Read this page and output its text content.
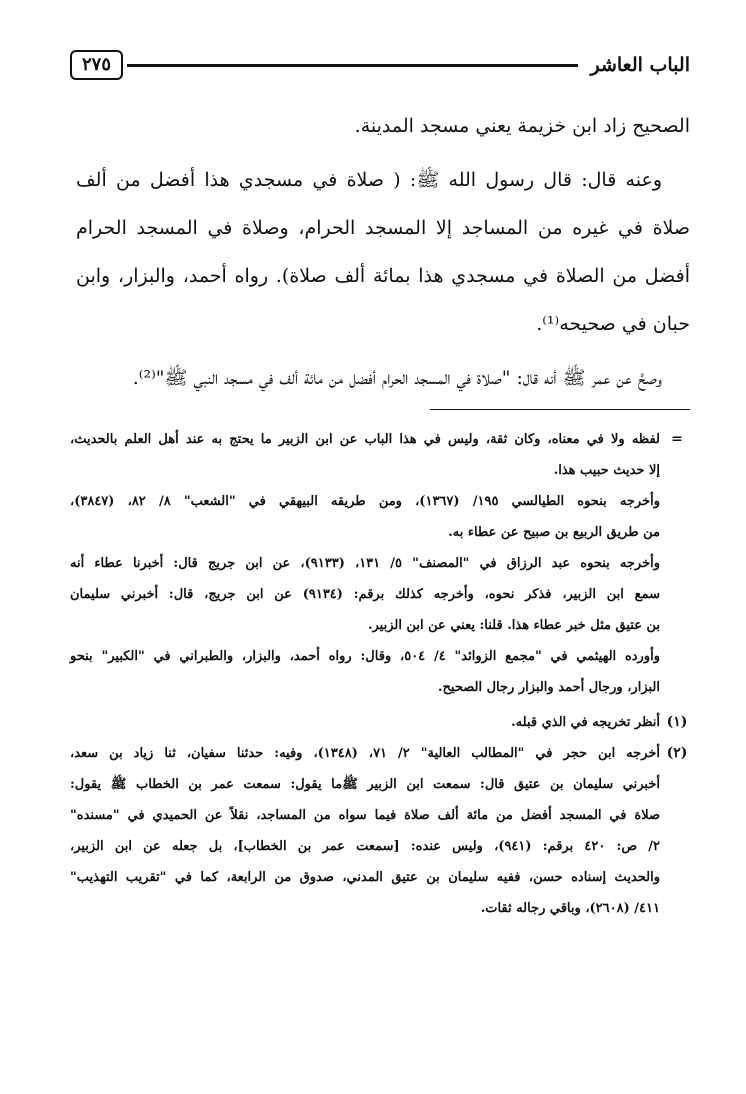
الباب العاشر
٢٧٥

الصحيح زاد ابن خزيمة يعني مسجد المدينة.

وعنه قال: قال رسول الله ﷺ: ( صلاة في مسجدي هذا أفضل من ألف صلاة في غيره من المساجد إلا المسجد الحرام، وصلاة في المسجد الحرام أفضل من الصلاة في مسجدي هذا بمائة ألف صلاة). رواه أحمد، والبزار، وابن حبان في صحيحه⁽¹⁾.

وصحَّ عن عمر ﷺ أنه قال: "صلاة في المسجد الحرام أفضل من مائة ألف في مسجد النبي ﷺ"⁽²⁾.

=
لفظه ولا في معناه، وكان ثقة، وليس في هذا الباب عن ابن الزبير ما يحتج به عند أهل العلم بالحديث،
إلا حديث حبيب هذا.
وأخرجه بنحوه الطيالسي ١٩٥/ (١٣٦٧)، ومن طريقه البيهقي في "الشعب" ٨/ ٨٢، (٣٨٤٧)،
من طريق الربيع بن صبيح عن عطاء به.
وأخرجه بنحوه عبد الرزاق في "المصنف" ٥/ ١٣١، (٩١٣٣)، عن ابن جريج قال: أخبرنا عطاء أنه
سمع ابن الزبير، فذكر نحوه، وأخرجه كذلك برقم: (٩١٣٤) عن ابن جريج، قال: أخبرني سليمان
بن عتيق مثل خبر عطاء هذا. قلنا: يعني عن ابن الزبير.
وأورده الهيثمي في "مجمع الزوائد" ٤/ ٥٠٤، وقال: رواه أحمد، والبزار، والطبراني في "الكبير" بنحو
البزار، ورجال أحمد والبزار رجال الصحيح.
(١)
أنظر تخريجه في الذي قبله.
(٢)
أخرجه ابن حجر في "المطالب العالية" ٢/ ٧١، (١٣٤٨)، وفيه: حدثنا سفيان، ثنا زياد بن سعد،
أخبرني سليمان بن عتيق قال: سمعت ابن الزبير ﷺما يقول: سمعت عمر بن الخطاب ﷺ يقول:
صلاة في المسجد أفضل من مائة ألف صلاة فيما سواه من المساجد، نقلاً عن الحميدي في "مسنده"
٢/ ص: ٤٢٠ برقم: (٩٤١)، وليس عنده: [سمعت عمر بن الخطاب]، بل جعله عن ابن الزبير،
والحديث إسناده حسن، ففيه سليمان بن عتيق المدني، صدوق من الرابعة، كما في "تقريب التهذيب"
٤١١/ (٢٦٠٨)، وباقي رجاله ثقات.
